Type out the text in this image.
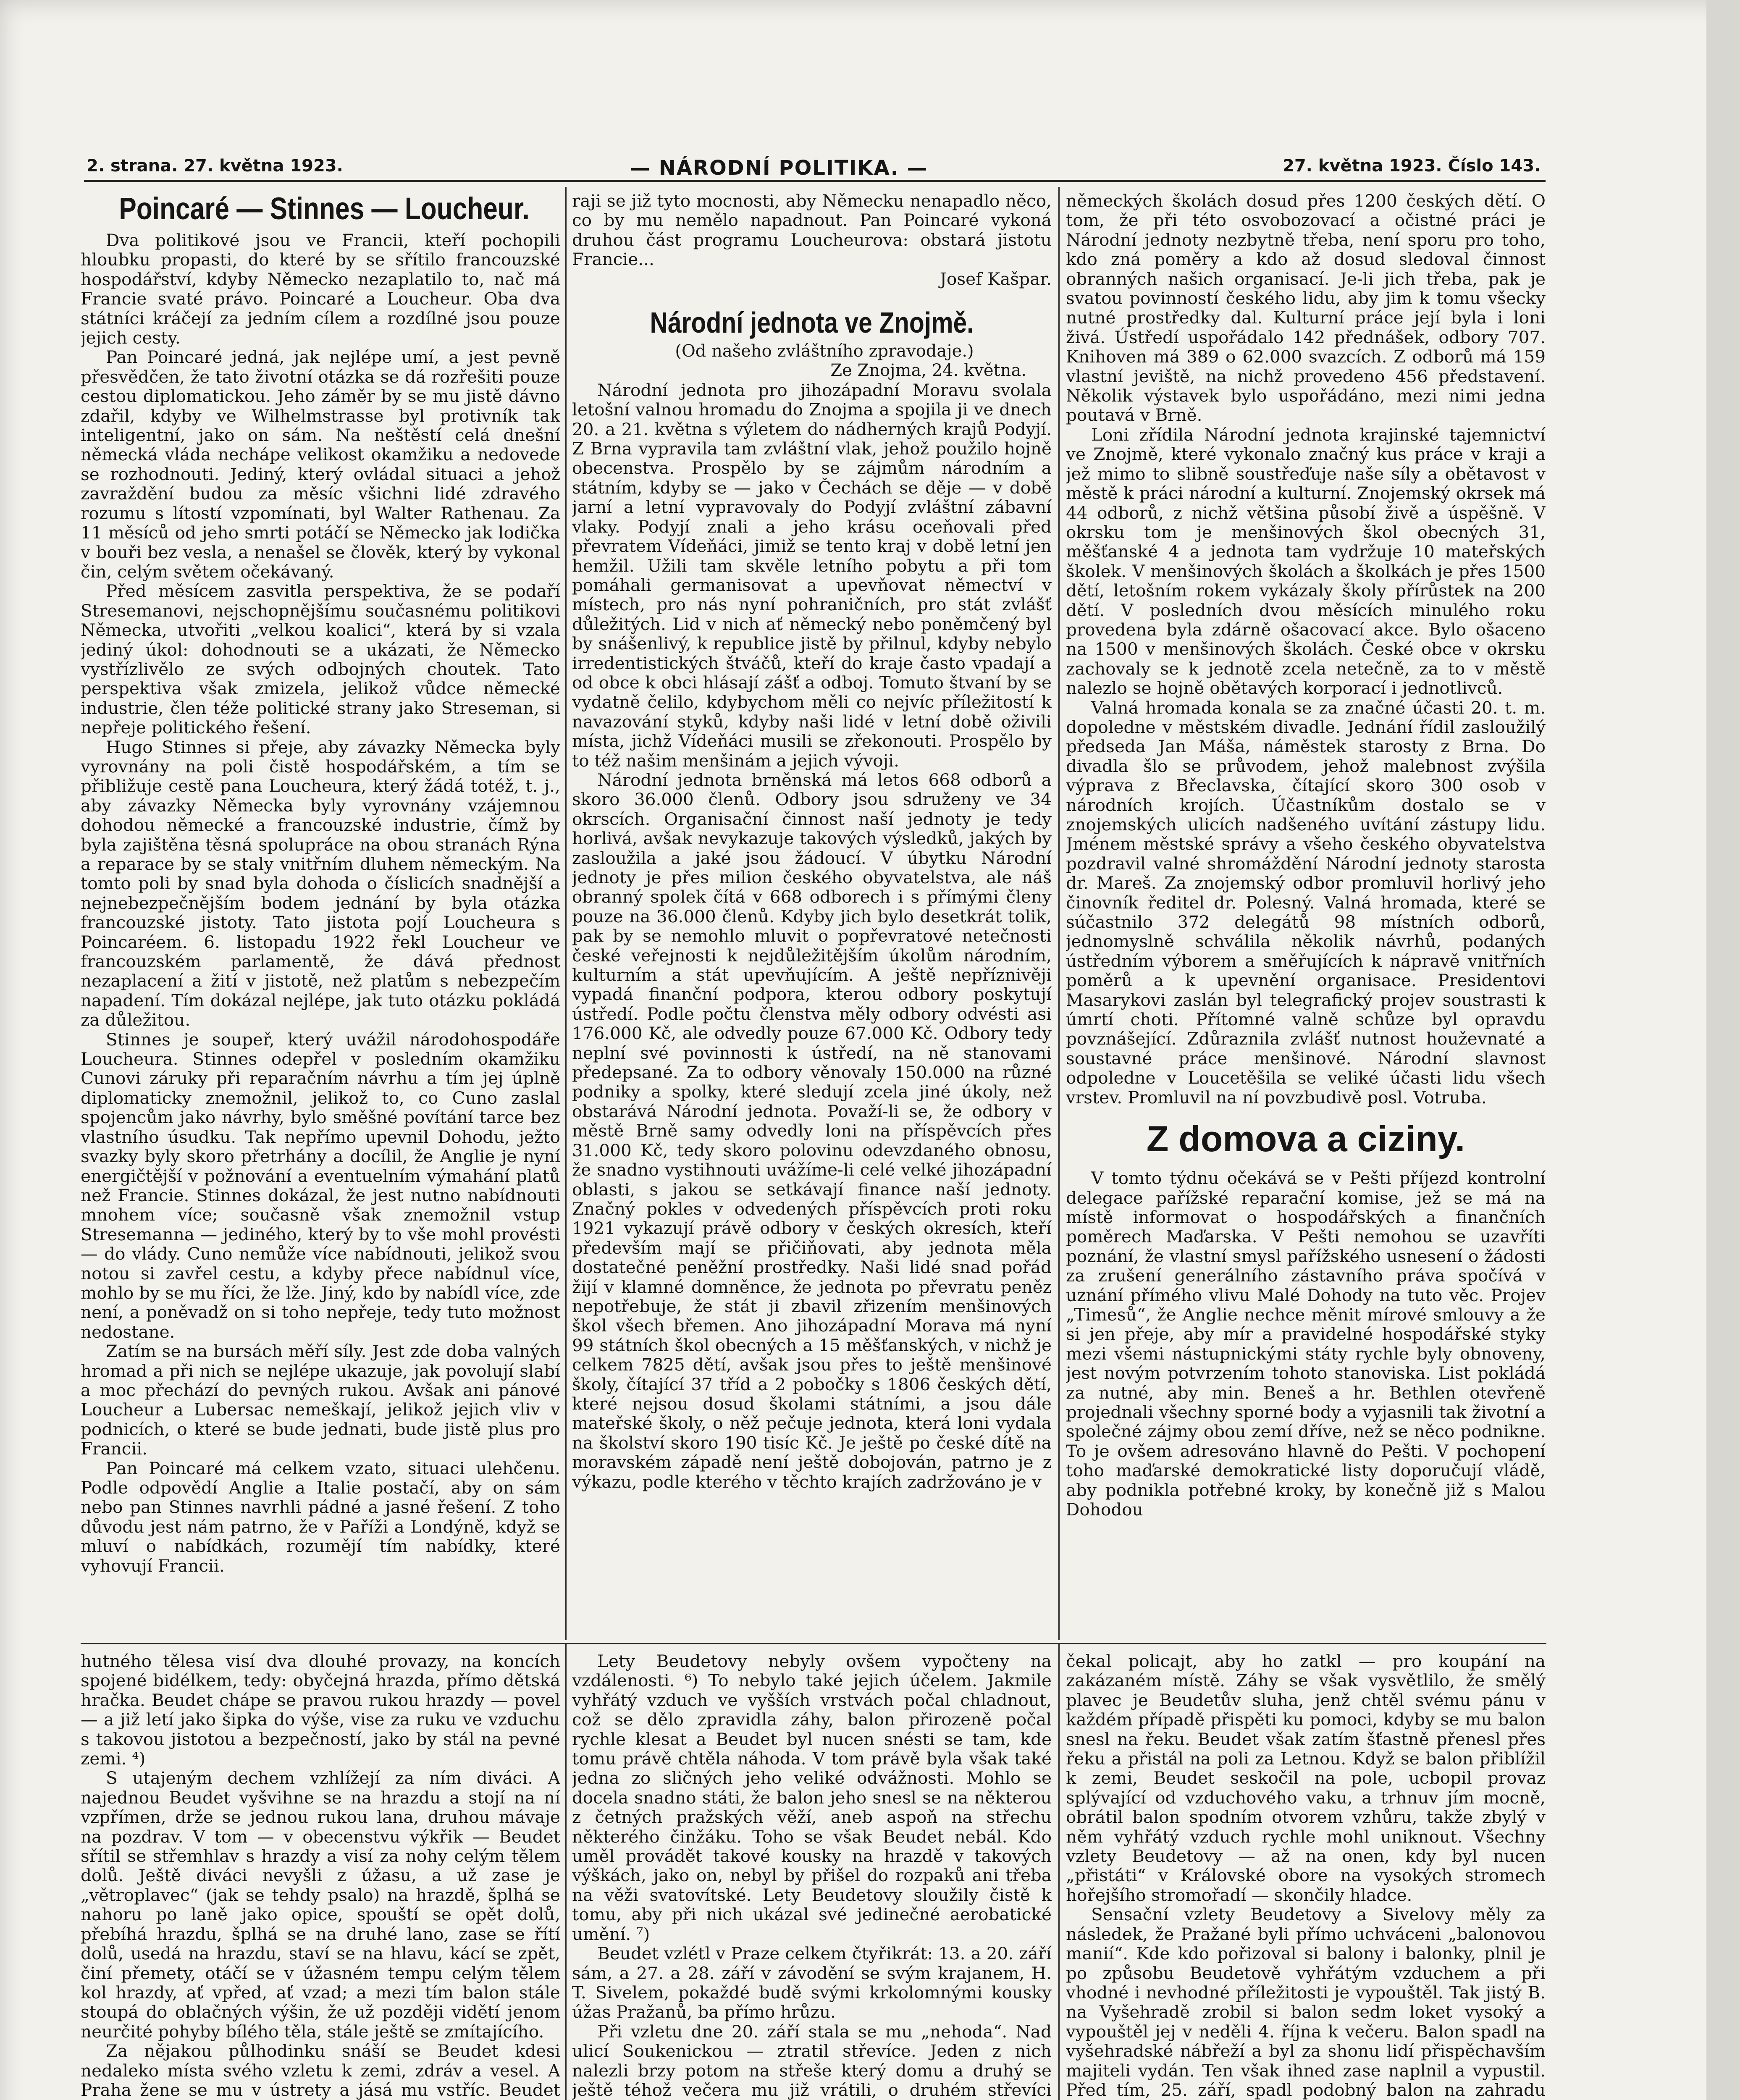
2. strana. 27. května 1923.	— NÁRODNÍ POLITIKA. —	27. května 1923. Číslo 143.
Poincaré — Stinnes — Loucheur.

Dva politikové jsou ve Francii, kteří pochopili hloubku propasti, do které by se sřítilo francouzské hospodářství, kdyby Německo nezaplatilo to, nač má Francie svaté právo. Poincaré a Loucheur. Oba dva státníci kráčejí za jedním cílem a rozdílné jsou pouze jejich cesty.

Pan Poincaré jedná, jak nejlépe umí, a jest pevně přesvědčen, že tato životní otázka se dá rozřešiti pouze cestou diplomatickou. Jeho záměr by se mu jistě dávno zdařil, kdyby ve Wilhelmstrasse byl protivník tak inteligentní, jako on sám. Na neštěstí celá dnešní německá vláda nechápe velikost okamžiku a nedovede se rozhodnouti. Jediný, který ovládal situaci a jehož zavraždění budou za měsíc všichni lidé zdravého rozumu s lítostí vzpomínati, byl Walter Rathenau. Za 11 měsíců od jeho smrti potáčí se Německo jak lodička v bouři bez vesla, a nenašel se člověk, který by vykonal čin, celým světem očekávaný.

Před měsícem zasvitla perspektiva, že se podaří Stresemanovi, nejschopnějšímu současnému politikovi Německa, utvořiti „velkou koalici“, která by si vzala jediný úkol: dohodnouti se a ukázati, že Německo vystřízlivělo ze svých odbojných choutek. Tato perspektiva však zmizela, jelikož vůdce německé industrie, člen téže politické strany jako Streseman, si nepřeje politického řešení.

Hugo Stinnes si přeje, aby závazky Německa byly vyrovnány na poli čistě hospodářském, a tím se přibližuje cestě pana Loucheura, který žádá totéž, t. j., aby závazky Německa byly vyrovnány vzájemnou dohodou německé a francouzské industrie, čímž by byla zajištěna těsná spolupráce na obou stranách Rýna a reparace by se staly vnitřním dluhem německým. Na tomto poli by snad byla dohoda o číslicích snadnější a nejnebezpečnějším bodem jednání by byla otázka francouzské jistoty. Tato jistota pojí Loucheura s Poincaréem. 6. listopadu 1922 řekl Loucheur ve francouzském parlamentě, že dává přednost nezaplacení a žití v jistotě, než platům s nebezpečím napadení. Tím dokázal nejlépe, jak tuto otázku pokládá za důležitou.

Stinnes je soupeř, který uvážil národohospodáře Loucheura. Stinnes odepřel v posledním okamžiku Cunovi záruky při reparačním návrhu a tím jej úplně diplomaticky znemožnil, jelikož to, co Cuno zaslal spojencům jako návrhy, bylo směšné povítání tarce bez vlastního úsudku. Tak nepřímo upevnil Dohodu, ježto svazky byly skoro přetrhány a docílil, že Anglie je nyní energičtější v požnování a eventuelním výmahání platů než Francie. Stinnes dokázal, že jest nutno nabídnouti mnohem více; současně však znemožnil vstup Stresemanna — jediného, který by to vše mohl provésti — do vlády. Cuno nemůže více nabídnouti, jelikož svou notou si zavřel cestu, a kdyby přece nabídnul více, mohlo by se mu říci, že lže. Jiný, kdo by nabídl více, zde není, a poněvadž on si toho nepřeje, tedy tuto možnost nedostane.

Zatím se na bursách měří síly. Jest zde doba valných hromad a při nich se nejlépe ukazuje, jak povolují slabí a moc přechází do pevných rukou. Avšak ani pánové Loucheur a Lubersac nemeškají, jelikož jejich vliv v podnicích, o které se bude jednati, bude jistě plus pro Francii.

Pan Poincaré má celkem vzato, situaci ulehčenu. Podle odpovědí Anglie a Italie postačí, aby on sám nebo pan Stinnes navrhli pádné a jasné řešení. Z toho důvodu jest nám patrno, že v Paříži a Londýně, když se mluví o nabídkách, rozumějí tím nabídky, které vyhovují Francii.

raji se již tyto mocnosti, aby Německu nenapadlo něco, co by mu nemělo napadnout. Pan Poincaré vykoná druhou část programu Loucheurova: obstará jistotu Francie...

Josef Kašpar.

Národní jednota ve Znojmě.

(Od našeho zvláštního zpravodaje.)

Ze Znojma, 24. května.

Národní jednota pro jihozápadní Moravu svolala letošní valnou hromadu do Znojma a spojila ji ve dnech 20. a 21. května s výletem do nádherných krajů Podyjí. Z Brna vypravila tam zvláštní vlak, jehož použilo hojně obecenstva. Prospělo by se zájmům národním a státním, kdyby se — jako v Čechách se děje — v době jarní a letní vypravovaly do Podyjí zvláštní zábavní vlaky. Podyjí znali a jeho krásu oceňovali před převratem Vídeňáci, jimiž se tento kraj v době letní jen hemžil. Užili tam skvěle letního pobytu a při tom pomáhali germanisovat a upevňovat němectví v místech, pro nás nyní pohraničních, pro stát zvlášť důležitých. Lid v nich ať německý nebo poněmčený byl by snášenlivý, k republice jistě by přilnul, kdyby nebylo irredentistických štváčů, kteří do kraje často vpadají a od obce k obci hlásají zášť a odboj. Tomuto štvaní by se vydatně čelilo, kdybychom měli co nejvíc příležitostí k navazování styků, kdyby naši lidé v letní době oživili místa, jichž Vídeňáci musili se zřekonouti. Prospělo by to též našim menšinám a jejich vývoji.

Národní jednota brněnská má letos 668 odborů a skoro 36.000 členů. Odbory jsou sdruženy ve 34 okrscích. Organisační činnost naší jednoty je tedy horlivá, avšak nevykazuje takových výsledků, jakých by zasloužila a jaké jsou žádoucí. V úbytku Národní jednoty je přes milion českého obyvatelstva, ale náš obranný spolek čítá v 668 odborech i s přímými členy pouze na 36.000 členů. Kdyby jich bylo desetkrát tolik, pak by se nemohlo mluvit o popřevratové netečnosti české veřejnosti k nejdůležitějším úkolům národním, kulturním a stát upevňujícím. A ještě nepříznivěji vypadá finanční podpora, kterou odbory poskytují ústředí. Podle počtu členstva měly odbory odvésti asi 176.000 Kč, ale odvedly pouze 67.000 Kč. Odbory tedy neplní své povinnosti k ústředí, na ně stanovami předepsané. Za to odbory věnovaly 150.000 na různé podniky a spolky, které sledují zcela jiné úkoly, než obstarává Národní jednota. Považí-li se, že odbory v městě Brně samy odvedly loni na příspěvcích přes 31.000 Kč, tedy skoro polovinu odevzdaného obnosu, že snadno vystihnouti uvážíme-li celé velké jihozápadní oblasti, s jakou se setkávají finance naší jednoty. Značný pokles v odvedených příspěvcích proti roku 1921 vykazují právě odbory v českých okresích, kteří především mají se přičiňovati, aby jednota měla dostatečné peněžní prostředky. Naši lidé snad pořád žijí v klamné domněnce, že jednota po převratu peněz nepotřebuje, že stát ji zbavil zřizením menšinových škol všech břemen. Ano jihozápadní Morava má nyní 99 státních škol obecných a 15 měšťanských, v nichž je celkem 7825 dětí, avšak jsou přes to ještě menšinové školy, čítající 37 tříd a 2 pobočky s 1806 českých dětí, které nejsou dosud školami státními, a jsou dále mateřské školy, o něž pečuje jednota, která loni vydala na školství skoro 190 tisíc Kč. Je ještě po české dítě na moravském západě není ještě dobojován, patrno je z výkazu, podle kterého v těchto krajích zadržováno je v

německých školách dosud přes 1200 českých dětí. O tom, že při této osvobozovací a očistné práci je Národní jednoty nezbytně třeba, není sporu pro toho, kdo zná poměry a kdo až dosud sledoval činnost obranných našich organisací. Je-li jich třeba, pak je svatou povinností českého lidu, aby jim k tomu všecky nutné prostředky dal. Kulturní práce její byla i loni živá. Ústředí uspořádalo 142 přednášek, odbory 707. Knihoven má 389 o 62.000 svazcích. Z odborů má 159 vlastní jeviště, na nichž provedeno 456 představení. Několik výstavek bylo uspořádáno, mezi nimi jedna poutavá v Brně.

Loni zřídila Národní jednota krajinské tajemnictví ve Znojmě, které vykonalo značný kus práce v kraji a jež mimo to slibně soustřeďuje naše síly a obětavost v městě k práci národní a kulturní. Znojemský okrsek má 44 odborů, z nichž většina působí živě a úspěšně. V okrsku tom je menšinových škol obecných 31, měšťanské 4 a jednota tam vydržuje 10 mateřských školek. V menšinových školách a školkách je přes 1500 dětí, letošním rokem vykázaly školy přírůstek na 200 dětí. V posledních dvou měsících minulého roku provedena byla zdárně ošacovací akce. Bylo ošaceno na 1500 v menšinových školách. České obce v okrsku zachovaly se k jednotě zcela netečně, za to v městě nalezlo se hojně obětavých korporací i jednotlivců.

Valná hromada konala se za značné účasti 20. t. m. dopoledne v městském divadle. Jednání řídil zasloužilý předseda Jan Máša, náměstek starosty z Brna. Do divadla šlo se průvodem, jehož malebnost zvýšila výprava z Břeclavska, čítající skoro 300 osob v národních krojích. Účastníkům dostalo se v znojemských ulicích nadšeného uvítání zástupy lidu. Jménem městské správy a všeho českého obyvatelstva pozdravil valné shromáždění Národní jednoty starosta dr. Mareš. Za znojemský odbor promluvil horlivý jeho činovník ředitel dr. Polesný. Valná hromada, které se súčastnilo 372 delegátů 98 místních odborů, jednomyslně schválila několik návrhů, podaných ústředním výborem a směřujících k nápravě vnitřních poměrů a k upevnění organisace. Presidentovi Masarykovi zaslán byl telegrafický projev soustrasti k úmrtí choti. Přítomné valně schůze byl opravdu povznášející. Zdůraznila zvlášť nutnost houževnaté a soustavné práce menšinové. Národní slavnost odpoledne v Loucetěšila se veliké účasti lidu všech vrstev. Promluvil na ní povzbudivě posl. Votruba.

Z domova a ciziny.

V tomto týdnu očekává se v Pešti příjezd kontrolní delegace pařížské reparační komise, jež se má na místě informovat o hospodářských a finančních poměrech Maďarska. V Pešti nemohou se uzavříti poznání, že vlastní smysl pařížského usnesení o žádosti za zrušení generálního zástavního práva spočívá v uznání přímého vlivu Malé Dohody na tuto věc. Projev „Timesů“, že Anglie nechce měnit mírové smlouvy a že si jen přeje, aby mír a pravidelné hospodářské styky mezi všemi nástupnickými státy rychle byly obnoveny, jest novým potvrzením tohoto stanoviska. List pokládá za nutné, aby min. Beneš a hr. Bethlen otevřeně projednali všechny sporné body a vyjasnili tak životní a společné zájmy obou zemí dříve, než se něco podnikne. To je ovšem adresováno hlavně do Pešti. V pochopení toho maďarské demokratické listy doporučují vládě, aby podnikla potřebné kroky, by konečně již s Malou Dohodou

hutného tělesa visí dva dlouhé provazy, na koncích spojené bidélkem, tedy: obyčejná hrazda, přímo dětská hračka. Beudet chápe se pravou rukou hrazdy — povel — a již letí jako šipka do výše, vise za ruku ve vzduchu s takovou jistotou a bezpečností, jako by stál na pevné zemi. ⁴)

S utajeným dechem vzhlížejí za ním diváci. A najednou Beudet vyšvihne se na hrazdu a stojí na ní vzpřímen, drže se jednou rukou lana, druhou mávaje na pozdrav. V tom — v obecenstvu výkřik — Beudet sřítil se střemhlav s hrazdy a visí za nohy celým tělem dolů. Ještě diváci nevyšli z úžasu, a už zase je „větroplavec“ (jak se tehdy psalo) na hrazdě, šplhá se nahoru po laně jako opice, spouští se opět dolů, přebíhá hrazdu, šplhá se na druhé lano, zase se řítí dolů, usedá na hrazdu, staví se na hlavu, kácí se zpět, činí přemety, otáčí se v úžasném tempu celým tělem kol hrazdy, ať vpřed, ať vzad; a mezi tím balon stále stoupá do oblačných výšin, že už později vidětí jenom neurčité pohyby bílého těla, stále ještě se zmítajícího.

Za nějakou půlhodinku snáší se Beudet kdesi nedaleko místa svého vzletu k zemi, zdráv a vesel. A Praha žene se mu v ústrety a jásá mu vstříc. Beudet

Lety Beudetovy nebyly ovšem vypočteny na vzdálenosti. ⁶) To nebylo také jejich účelem. Jakmile vyhřátý vzduch ve vyšších vrstvách počal chladnout, což se dělo zpravidla záhy, balon přirozeně počal rychle klesat a Beudet byl nucen snésti se tam, kde tomu právě chtěla náhoda. V tom právě byla však také jedna zo sličných jeho veliké odvážnosti. Mohlo se docela snadno státi, že balon jeho snesl se na některou z četných pražských věží, aneb aspoň na střechu některého činžáku. Toho se však Beudet nebál. Kdo uměl provádět takové kousky na hrazdě v takových výškách, jako on, nebyl by přišel do rozpaků ani třeba na věži svatovítské. Lety Beudetovy sloužily čistě k tomu, aby při nich ukázal své jedinečné aerobatické umění. ⁷)

Beudet vzlétl v Praze celkem čtyřikrát: 13. a 20. září sám, a 27. a 28. září v závodění se svým krajanem, H. T. Sivelem, pokaždé budě svými krkolomnými kousky úžas Pražanů, ba přímo hrůzu.

Při vzletu dne 20. září stala se mu „nehoda“. Nad ulicí Soukenickou — ztratil střevíce. Jeden z nich nalezli brzy potom na střeše který domu a druhý se ještě téhož večera mu již vrátili, o druhém střevíci

čekal policajt, aby ho zatkl — pro koupání na zakázaném místě. Záhy se však vysvětlilo, že smělý plavec je Beudetův sluha, jenž chtěl svému pánu v každém případě přispěti ku pomoci, kdyby se mu balon snesl na řeku. Beudet však zatím šťastně přenesl přes řeku a přistál na poli za Letnou. Když se balon přiblížil k zemi, Beudet seskočil na pole, ucbopil provaz splývající od vzduchového vaku, a trhnuv jím mocně, obrátil balon spodním otvorem vzhůru, takže zbylý v něm vyhřátý vzduch rychle mohl uniknout. Všechny vzlety Beudetovy — až na onen, kdy byl nucen „přistáti“ v Královské obore na vysokých stromech hořejšího stromořadí — skončily hladce.

Sensační vzlety Beudetovy a Sivelovy měly za následek, že Pražané byli přímo uchváceni „balonovou manií“. Kde kdo pořizoval si balony i balonky, plnil je po způsobu Beudetově vyhřátým vzduchem a při vhodné i nevhodné příležitosti je vypouštěl. Tak jistý B. na Vyšehradě zrobil si balon sedm loket vysoký a vypouštěl jej v neděli 4. října k večeru. Balon spadl na vyšehradské nábřeží a byl za shonu lidí přispěchavším majiteli vydán. Ten však ihned zase naplnil a vypustil. Před tím, 25. září, spadl podobný balon na zahradu
